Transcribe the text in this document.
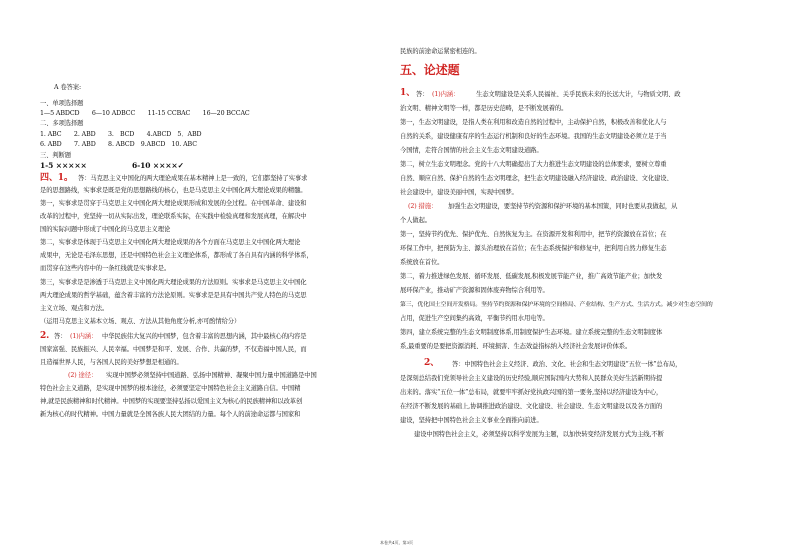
A 卷答案:
一、单项选择题
1—5 ABDCD　　6—10 ADBCC　　11-15 CCBAC　　16—20 BCCAC
二、多项选择题
1. ABC　　2. ABD　　3.　BCD　　4.ABCD　5．ABD
6. ABD　　7. ABD　　8. ABCD　9.ABCD　10. ABC
三、判断题
1-5 ×××××	6-10 ××××✓
四、1。 答：马克思主义中国化的两大理论成果在基本精神上是一致的，它们都坚持了实事求
是的思想路线，实事求是既是党的思想路线的核心，也是马克思主义中国化两大理论成果的精髓。
第一，实事求是贯穿于马克思主义中国化两大理论成果形成和发展的全过程。在中国革命、建设和
改革的过程中，党坚持一切从实际出发，理论联系实际，在实践中检验真理和发展真理，在解决中
国的实际问题中形成了中国化的马克思主义理论
第二，实事求是体现于马克思主义中国化两大理论成果的各个方面在马克思主义中国化两大理论
成果中，无论是毛泽东思想，还是中国特色社会主义理论体系，都形成了各自具有内涵的科学体系，
而贯穿在这些内容中的一条红线就是实事求是。
第三，实事求是是渗透于马克思主义中国化两大理论成果的方法原则。实事求是马克思主义中国化
两大理论成果的哲学基础，蕴含着丰富的方法论原则。实事求是是具有中国共产党人特色的马克思
主义立场、观点和方法。
（运用马克思主义基本立场、观点、方法从其他角度分析,亦可酌情给分）
2. 答： (1)内涵： 中华民族伟大复兴的中国梦，包含着丰富的思想内涵，其中最核心的内容是
国家富强、民族振兴、人民幸福。中国梦是和平、发展、合作、共赢的梦，不仅造福中国人民，而
且造福世界人民，与各国人民的美好梦想是相通的。
(2) 途径： 实现中国梦必须坚持中国道路、弘扬中国精神、凝聚中国力量中国道路是中国
特色社会主义道路，是实现中国梦的根本途径，必须要坚定中国特色社会主义道路自信。中国精
神,就是民族精神和时代精神。中国梦的实现要坚持弘扬以爱国主义为核心的民族精神和以改革创
新为核心的时代精神。中国力量就是全国各族人民大团结的力量。每个人的前途命运都与国家和
民族的前途命运紧密相连的。
五、论述题
1、 答： (1)内涵：	生态文明建设是关系人民福祉、关乎民族未来的长远大计，与物质文明、政
治文明、精神文明等一样，都是历史范畴，是不断发展着的。
第一，生态文明建设，是指人类在利用和改造自然的过程中，主动保护自然，积极改善和优化人与
自然的关系，建设健康有序的生态运行机制和良好的生态环境。我国的生态文明建设必须立足于当
今国情，走符合国情的社会主义生态文明建设道路。
第二，树立生态文明理念。党的十八大明确提出了大力推进生态文明建设的总体要求，要树立尊重
自然、顺应自然、保护自然的生态文明理念，把生态文明建设融入经济建设、政治建设、文化建设、
社会建设中，建设美丽中国，实现中国梦。
(2) 措施： 加强生态文明建设，要坚持节约资源和保护环境的基本国策，同时也要从我做起，从
个人做起。
第一，坚持节约优先、保护优先、自然恢复为主。在资源开发和利用中，把节约资源放在首位；在
环保工作中，把预防为主、源头治理放在首位；在生态系统保护和修复中，把利用自然力修复生态
系统放在首位。
第二，着力推进绿色发展、循环发展、低碳发展,积极发展节能产业，推广高效节能产业；加快发
展环保产业，推动矿产资源和固体废弃物综合利用等。
第三，优化国土空间开发格局。坚持节约资源和保护环境的空间格局、产业结构、生产方式、生活方式。减少对生态空间的
占用，促进生产空间集约高效，平衡节约用水用电等。
第四，建立系统完整的生态文明制度体系,用制度保护生态环境。建立系统完整的生态文明制度体
系,最重要的是要把资源消耗、环境损害、生态效益指标纳入经济社会发展评价体系。
2、 答：中国特色社会主义经济、政治、文化、社会和生态文明建设“五位一体”总布局，
是深刻总结我们党领导社会主义建设的历史经验,顺应国际国内大势和人民群众美好生活新期待提
出来的。落实“五位一体”总布局，就要牢牢抓好党执政兴国的第一要务,坚持以经济建设为中心，
在经济不断发展的基础上,协调推进政治建设、文化建设、社会建设、生态文明建设以及各方面的
建设，坚持把中国特色社会主义事业全面推向前进。
建设中国特色社会主义，必须坚持以科学发展为主题，以加快转变经济发展方式为主线,不断
本卷共4页，第3页
